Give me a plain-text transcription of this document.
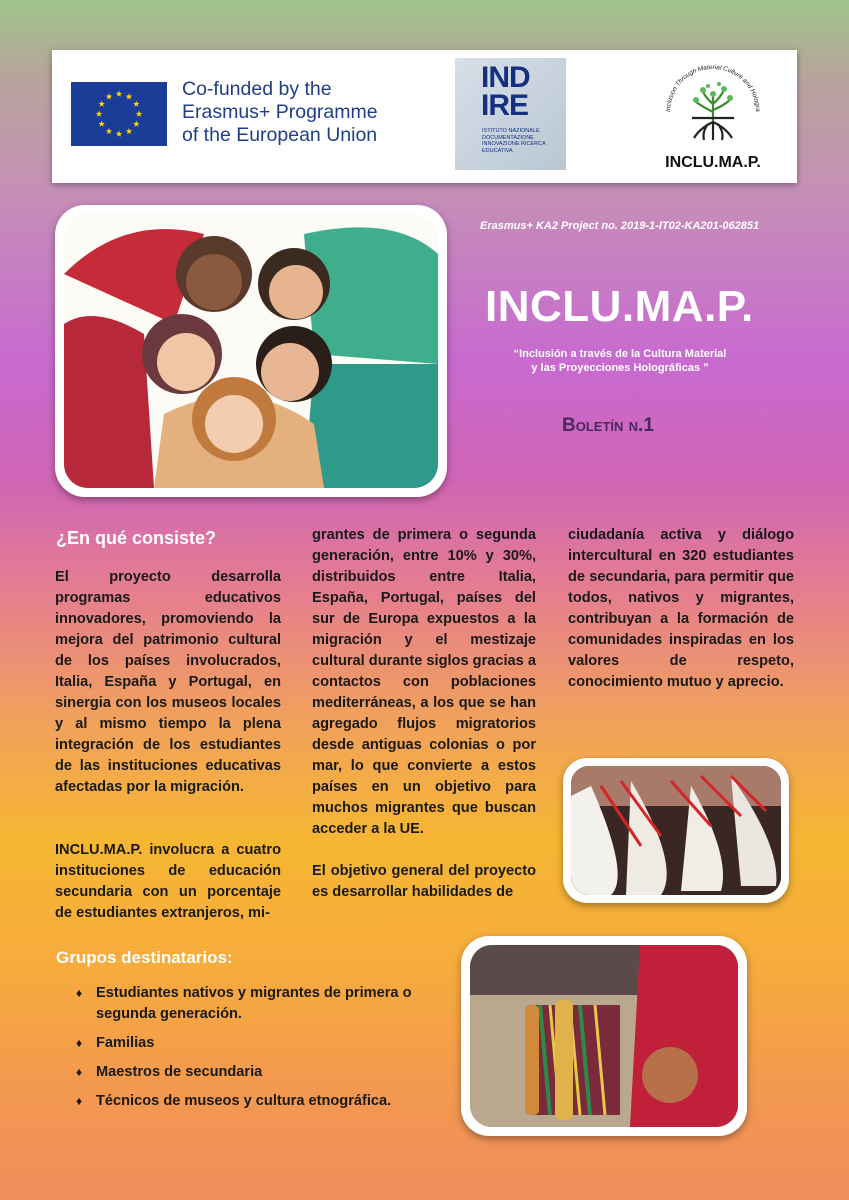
Co-funded by the
Erasmus+ Programme
of the European Union
IND
IRE
ISTITUTO NAZIONALE DOCUMENTAZIONE INNOVAZIONE RICERCA EDUCATIVA
Inclusion Through Material Culture and Hologra
INCLU.MA.P.
Erasmus+ KA2 Project no. 2019-1-IT02-KA201-062851
INCLU.MA.P.
“Inclusión a través de la Cultura Material
y las Proyecciones Holográficas ”
Boletín n.1
¿En qué consiste?

El proyecto desarrolla programas educativos innovadores, promoviendo la mejora del patrimonio cultural de los países involucrados, Italia, España y Portugal, en sinergia con los museos locales y al mismo tiempo la plena integración de los estudiantes de las instituciones educativas afectadas por la migración.

INCLU.MA.P. involucra a cuatro instituciones de educación secundaria con un porcentaje de estudiantes extranjeros, mi-

grantes de primera o segunda generación, entre 10% y 30%, distribuidos entre Italia, España, Portugal, países del sur de Europa expuestos a la migración y el mestizaje cultural durante siglos gracias a contactos con poblaciones mediterráneas, a los que se han agregado flujos migratorios desde antiguas colonias o por mar, lo que convierte a estos países en un objetivo para muchos migrantes que buscan acceder a la UE.

El objetivo general del proyecto es desarrollar habilidades de

ciudadanía activa y diálogo intercultural en 320 estudiantes de secundaria, para permitir que todos, nativos y migrantes, contribuyan a la formación de comunidades inspiradas en los valores de respeto, conocimiento mutuo y aprecio.

Grupos destinatarios:
♦ Estudiantes nativos y migrantes de primera o segunda generación.
♦ Familias
♦ Maestros de secundaria
♦ Técnicos de museos y cultura etnográfica.
